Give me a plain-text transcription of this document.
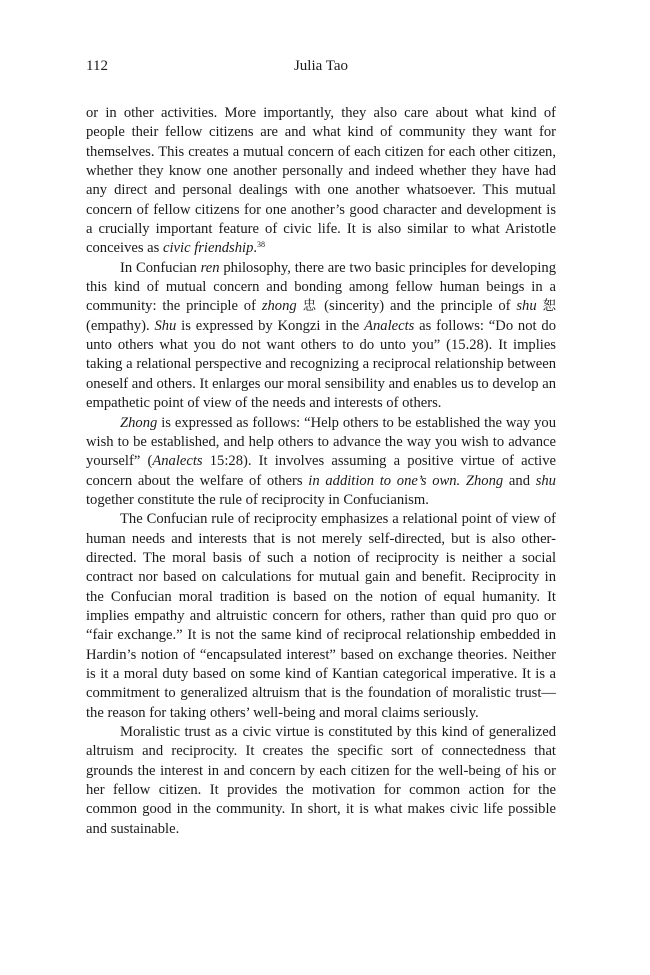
112	Julia Tao

or in other activities. More importantly, they also care about what kind of people their fellow citizens are and what kind of community they want for themselves. This creates a mutual concern of each citizen for each other citizen, whether they know one another personally and indeed whether they have had any direct and personal dealings with one another whatsoever. This mutual concern of fellow citizens for one another’s good character and development is a crucially important feature of civic life. It is also similar to what Aristotle conceives as civic friendship.$^{38}$

In Confucian ren philosophy, there are two basic principles for developing this kind of mutual concern and bonding among fellow human beings in a community: the principle of zhong 忠 (sincerity) and the principle of shu 恕 (empathy). Shu is expressed by Kongzi in the Analects as follows: “Do not do unto others what you do not want others to do unto you” (15.28). It implies taking a relational perspective and recognizing a reciprocal relationship between oneself and others. It enlarges our moral sensibility and enables us to develop an empathetic point of view of the needs and interests of others.

Zhong is expressed as follows: “Help others to be established the way you wish to be established, and help others to advance the way you wish to advance yourself” (Analects 15:28). It involves assuming a positive virtue of active concern about the welfare of others in addition to one’s own. Zhong and shu together constitute the rule of reciprocity in Confucianism.

The Confucian rule of reciprocity emphasizes a relational point of view of human needs and interests that is not merely self-directed, but is also other-directed. The moral basis of such a notion of reciprocity is neither a social contract nor based on calculations for mutual gain and benefit. Reciprocity in the Confucian moral tradition is based on the notion of equal humanity. It implies empathy and altruistic concern for others, rather than quid pro quo or “fair exchange.” It is not the same kind of reciprocal relationship embedded in Hardin’s notion of “encapsulated interest” based on exchange theories. Neither is it a moral duty based on some kind of Kantian categorical imperative. It is a commitment to generalized altruism that is the foundation of moralistic trust—the reason for taking others’ well-being and moral claims seriously.

Moralistic trust as a civic virtue is constituted by this kind of generalized altruism and reciprocity. It creates the specific sort of connectedness that grounds the interest in and concern by each citizen for the well-being of his or her fellow citizen. It provides the motivation for common action for the common good in the community. In short, it is what makes civic life possible and sustainable.
